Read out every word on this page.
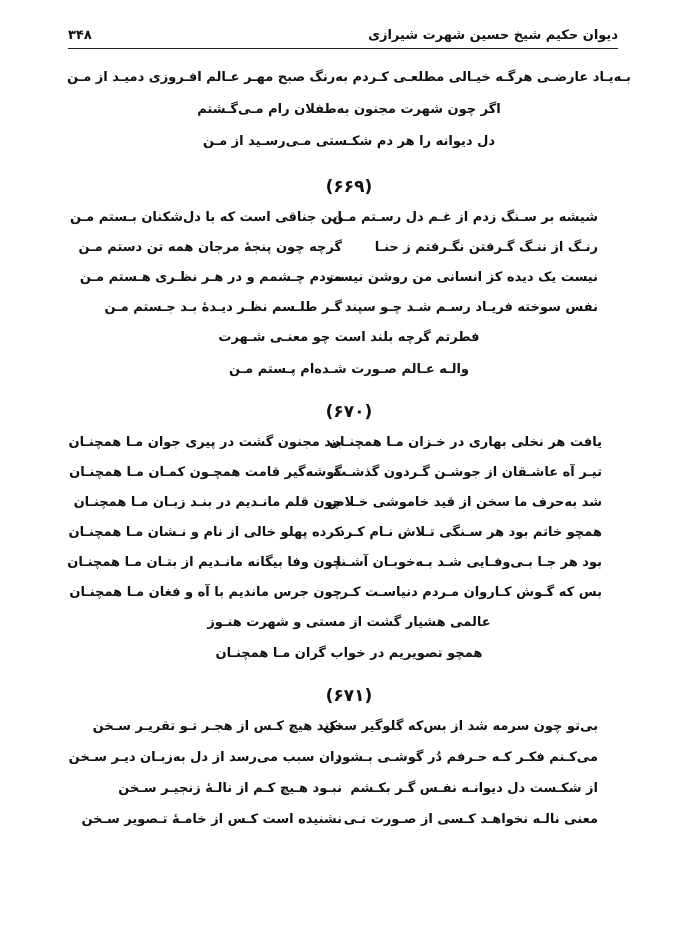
دیوان حکیم شیخ حسین شهرت شیرازی
۳۴۸
بـه‌یـاد عارضـی هرگـه خیـالی مطلعـی کـردم به‌رنگ صبح مهـر عـالم افـروزی دمیـد از مـن
اگر چون شهرت مجنون به‌طفلان رام مـی‌گـشتم
دل دیوانه را هر دم شکـستی مـی‌رسـید از مـن
(۶۶۹)
شیشه بر سـنگ زدم از غـم دل رسـتم مـن
این جناقی است که با دل‌شکنان بـستم مـن
رنـگ از ننـگ گـرفتن نگـرفتم ز حنـا
گرچه چون پنجهٔ مرجان همه تن دستم مـن
نیست یک دیده کز انسانی من روشن نیست
مردم چـشمم و در هـر نظـری هـستم مـن
نفس سوخته فریـاد رسـم شـد چـو سپند
گـر طلـسم نظـر دیـدهٔ بـد جـستم مـن
فطرتم گرچه بلند است چو معنـی شـهرت
والـه عـالم صـورت شـده‌ام پـستم مـن
(۶۷۰)
یافت هر نخلی بهاری در خـزان مـا همچنـان
بید مجنون گشت در پیری جوان مـا همچنـان
تیـر آه عاشـقان از جوشـن گـردون گذشـت
گوشه‌گیر قامت همچـون کمـان مـا همچنـان
شد به‌حرف ما سخن از قید خاموشی خـلاص
چون قلم مانـدیم در بنـد زبـان مـا همچنـان
همچو خاتم بود هر سـنگی تـلاش نـام کـرد
کرده پهلو خالی از نام و نـشان مـا همچنـان
بود هر جـا بـی‌وفـایی شـد بـه‌خوبـان آشـنا
چون وفا بیگانه مانـدیم از بتـان مـا همچنـان
بس که گـوش کـاروان مـردم دنیاسـت کـر
چون جرس ماندیم با آه و فغان مـا همچنـان
عالمی هشیار گشت از مستی و شهرت هنـوز
همچو تصویریم در خواب گران مـا همچنـان
(۶۷۱)
بی‌تو چون سرمه شد از بس‌که گلوگیر سخن
نکند هیچ کـس از هجـر تـو تقریـر سـخن
می‌کـنم فکـر کـه حـرفم دُر گوشـی بـشود
زان سبب می‌رسد از دل به‌زبـان دیـر سـخن
از شکـست دل دیوانـه نفـس گـر بکـشم
نبـود هـیچ کـم از نالـهٔ زنجیـر سـخن
معنی نالـه نخواهـد کـسی از صـورت نـی
نشنیده است کـس از خامـهٔ تـصویر سـخن
